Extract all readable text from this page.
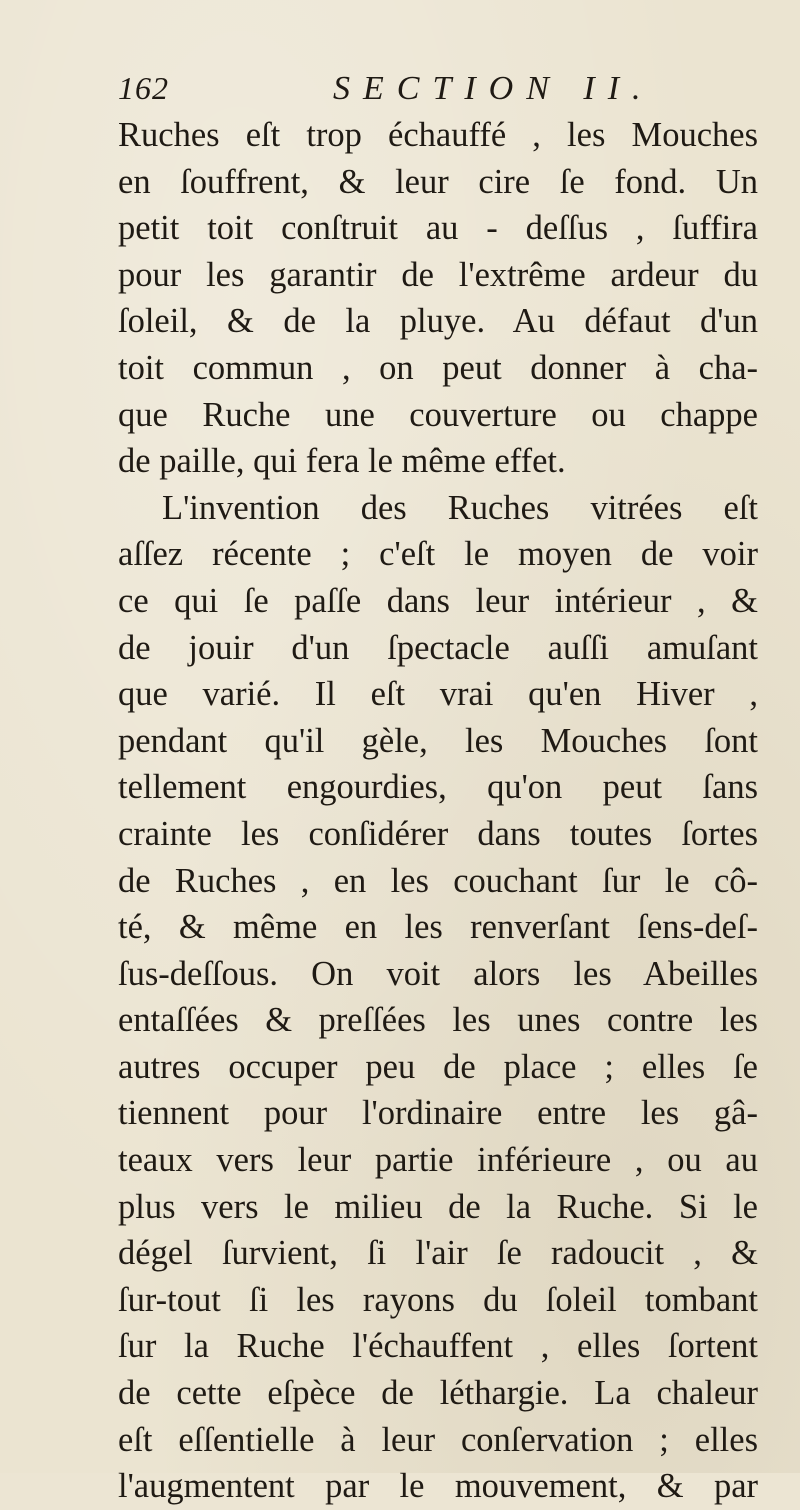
162	SECTION II.
Ruches eſt trop échauffé , les Mouches
en ſouffrent, & leur cire ſe fond. Un
petit toit conſtruit au - deſſus , ſuffira
pour les garantir de l'extrême ardeur du
ſoleil, & de la pluye. Au défaut d'un
toit commun , on peut donner à cha-
que Ruche une couverture ou chappe
de paille, qui fera le même effet.
L'invention des Ruches vitrées eſt
aſſez récente ; c'eſt le moyen de voir
ce qui ſe paſſe dans leur intérieur , &
de jouir d'un ſpectacle auſſi amuſant
que varié. Il eſt vrai qu'en Hiver ,
pendant qu'il gèle, les Mouches ſont
tellement engourdies, qu'on peut ſans
crainte les conſidérer dans toutes ſortes
de Ruches , en les couchant ſur le cô-
té, & même en les renverſant ſens-deſ-
ſus-deſſous. On voit alors les Abeilles
entaſſées & preſſées les unes contre les
autres occuper peu de place ; elles ſe
tiennent pour l'ordinaire entre les gâ-
teaux vers leur partie inférieure , ou au
plus vers le milieu de la Ruche. Si le
dégel ſurvient, ſi l'air ſe radoucit , &
ſur-tout ſi les rayons du ſoleil tombant
ſur la Ruche l'échauffent , elles ſortent
de cette eſpèce de léthargie. La chaleur
eſt eſſentielle à leur conſervation ; elles
l'augmentent par le mouvement, & par
